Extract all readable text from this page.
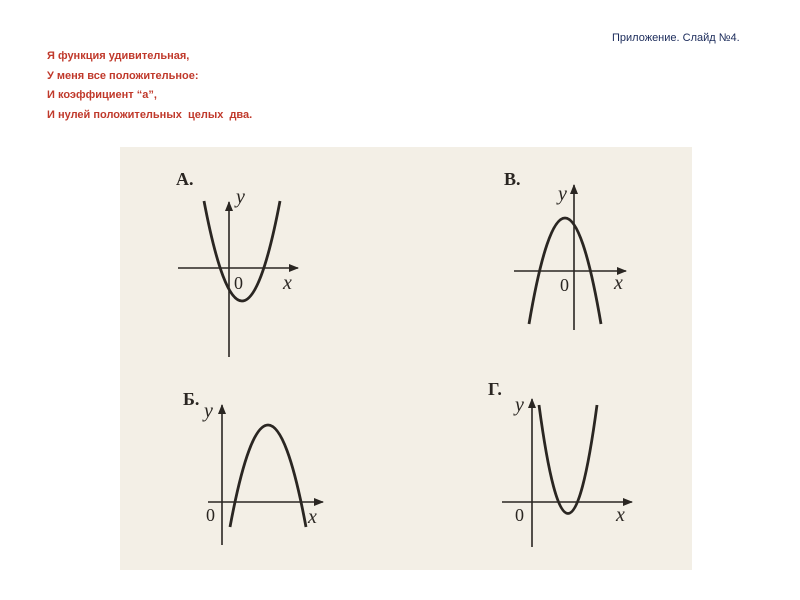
Приложение. Слайд №4.
Я функция удивительная,
У меня все положительное:
И коэффициент “а”,
И нулей положительных  целых  два.
А.
y
x
0
В.
y
x
0
Б.
y
x
0
Г.
y
x
0
